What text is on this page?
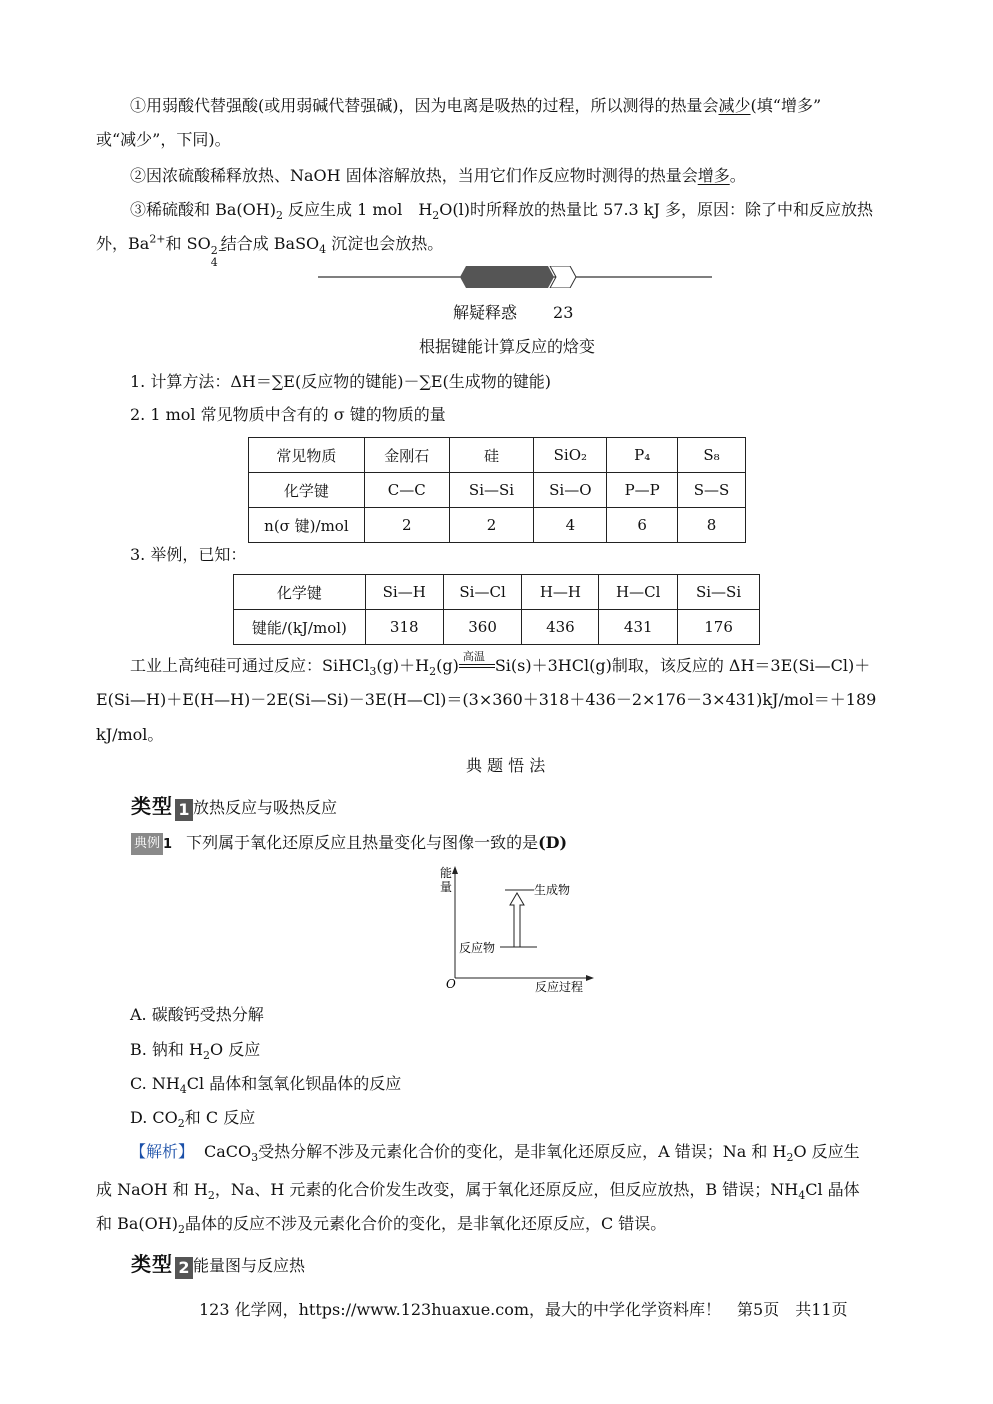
①用弱酸代替强酸(或用弱碱代替强碱)，因为电离是吸热的过程，所以测得的热量会减少(填“增多”
或“减少”，下同)。
②因浓硫酸稀释放热、NaOH 固体溶解放热，当用它们作反应物时测得的热量会增多。
③稀硫酸和 $Ba(OH)_2$ 反应生成 1 mol　$H_2O(l)$时所释放的热量比 57.3 kJ 多，原因：除了中和反应放热
外，$Ba^{2+}$和 SO 2−
4
结合成 BaSO$_4$ 沉淀也会放热。
解疑释惑 23
根据键能计算反应的焓变
1. 计算方法：ΔH＝∑E(反应物的键能)－∑E(生成物的键能)
2. 1 mol 常见物质中含有的 σ 键的物质的量
常见物质	金刚石	硅	SiO₂	P₄	S₈
化学键	C—C	Si—Si	Si—O	P—P	S—S
n(σ 键)/mol	2	2	4	6	8
3. 举例，已知：
化学键	Si—H	Si—Cl	H—H	H—Cl	Si—Si
键能/(kJ/mol)	318	360	436	431	176
工业上高纯硅可通过反应：$SiHCl_3(g)+H_2(g)$ 高温 Si(s)＋3HCl(g)制取，该反应的 ΔH＝3E(Si—Cl)＋
E(Si—H)＋E(H—H)－2E(Si—Si)－3E(H—Cl)＝(3×360＋318＋436－2×176－3×431)kJ/mol＝＋189
kJ/mol。
典 题 悟 法
类型 1 放热反应与吸热反应
典例 1 下列属于氧化还原反应且热量变化与图像一致的是(D)
能
量
O	反应过程
生成物
反应物
A. 碳酸钙受热分解
B. 钠和 $H_2O$ 反应
C. $NH_4Cl$ 晶体和氢氧化钡晶体的反应
D. $CO_2$和 C 反应
【解析】 CaCO$_3$受热分解不涉及元素化合价的变化，是非氧化还原反应，A 错误；Na 和 $H_2O$ 反应生
成 NaOH 和 $H_2$，Na、H 元素的化合价发生改变，属于氧化还原反应，但反应放热，B 错误；$NH_4Cl$ 晶体
和 $Ba(OH)_2$晶体的反应不涉及元素化合价的变化，是非氧化还原反应，C 错误。
类型 2 能量图与反应热
123 化学网，https://www.123huaxue.com，最大的中学化学资料库！　第5页　共11页
